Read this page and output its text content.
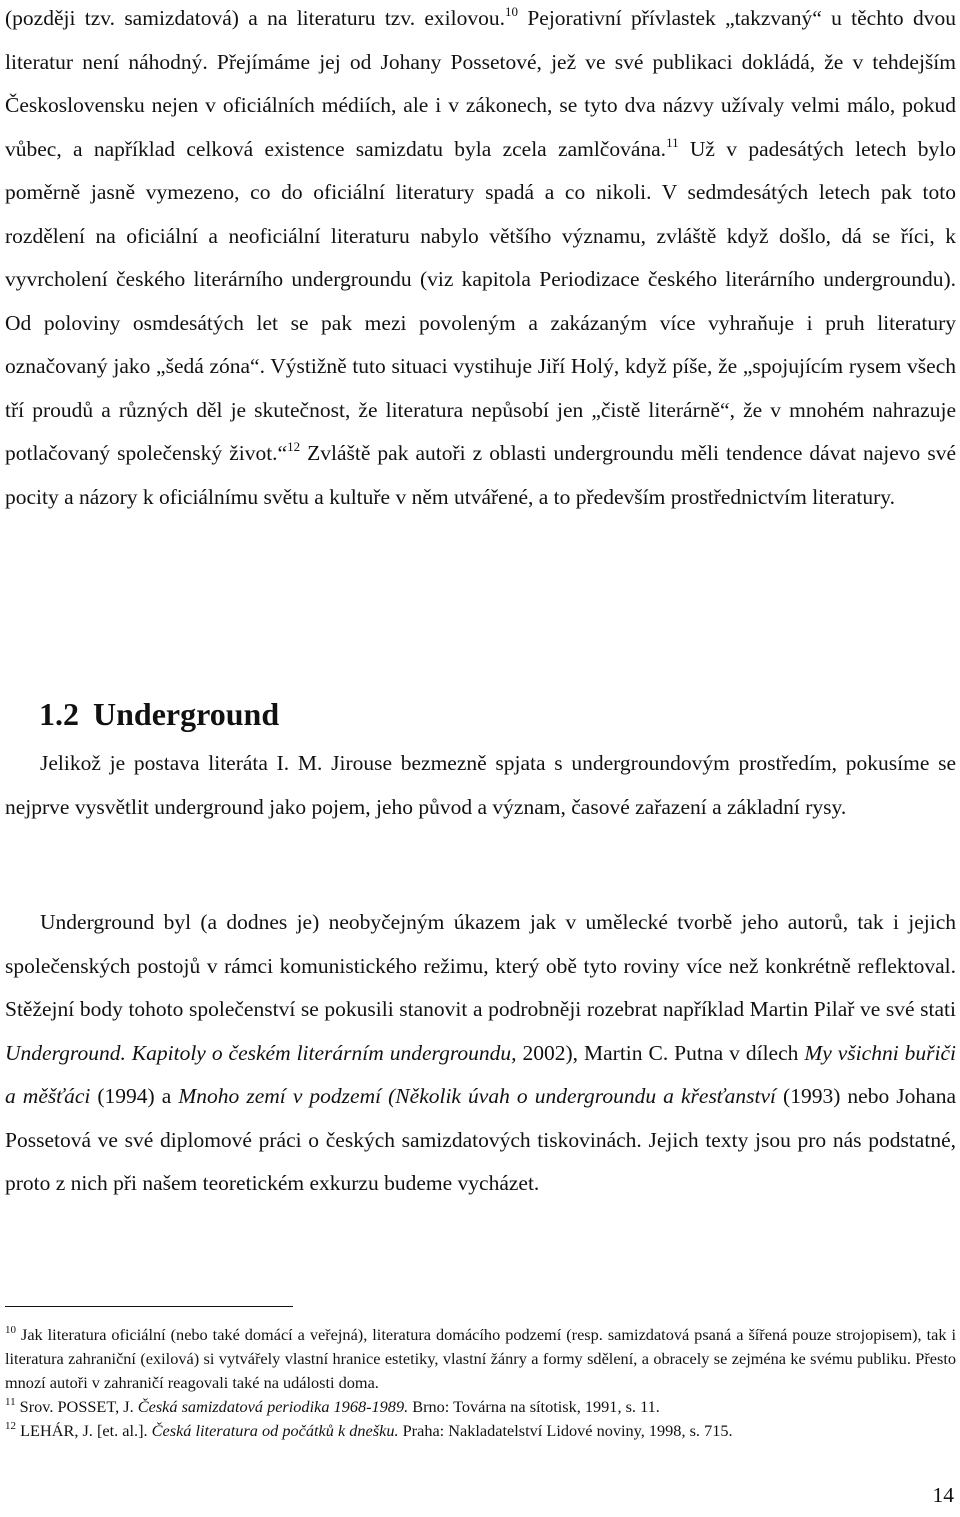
(později tzv. samizdatová) a na literaturu tzv. exilovou.$^{10}$ Pejorativní přívlastek „takzvaný“ u těchto dvou literatur není náhodný. Přejímáme jej od Johany Possetové, jež ve své publikaci dokládá, že v tehdejším Československu nejen v oficiálních médiích, ale i v zákonech, se tyto dva názvy užívaly velmi málo, pokud vůbec, a například celková existence samizdatu byla zcela zamlčována.$^{11}$ Už v padesátých letech bylo poměrně jasně vymezeno, co do oficiální literatury spadá a co nikoli. V sedmdesátých letech pak toto rozdělení na oficiální a neoficiální literaturu nabylo většího významu, zvláště když došlo, dá se říci, k vyvrcholení českého literárního undergroundu (viz kapitola Periodizace českého literárního undergroundu). Od poloviny osmdesátých let se pak mezi povoleným a zakázaným více vyhraňuje i pruh literatury označovaný jako „šedá zóna“. Výstižně tuto situaci vystihuje Jiří Holý, když píše, že „spojujícím rysem všech tří proudů a různých děl je skutečnost, že literatura nepůsobí jen „čistě literárně“, že v mnohém nahrazuje potlačovaný společenský život.“$^{12}$ Zvláště pak autoři z oblasti undergroundu měli tendence dávat najevo své pocity a názory k oficiálnímu světu a kultuře v něm utvářené, a to především prostřednictvím literatury.

1.2 Underground

Jelikož je postava literáta I. M. Jirouse bezmezně spjata s undergroundovým prostředím, pokusíme se nejprve vysvětlit underground jako pojem, jeho původ a význam, časové zařazení a základní rysy.

Underground byl (a dodnes je) neobyčejným úkazem jak v umělecké tvorbě jeho autorů, tak i jejich společenských postojů v rámci komunistického režimu, který obě tyto roviny více než konkrétně reflektoval. Stěžejní body tohoto společenství se pokusili stanovit a podrobněji rozebrat například Martin Pilař ve své stati Underground. Kapitoly o českém literárním undergroundu, 2002), Martin C. Putna v dílech My všichni buřiči a měšťáci (1994) a Mnoho zemí v podzemí (Několik úvah o undergroundu a křesťanství (1993) nebo Johana Possetová ve své diplomové práci o českých samizdatových tiskovinách. Jejich texty jsou pro nás podstatné, proto z nich při našem teoretickém exkurzu budeme vycházet.

$^{10}$ Jak literatura oficiální (nebo také domácí a veřejná), literatura domácího podzemí (resp. samizdatová psaná a šířená pouze strojopisem), tak i literatura zahraniční (exilová) si vytvářely vlastní hranice estetiky, vlastní žánry a formy sdělení, a obracely se zejména ke svému publiku. Přesto mnozí autoři v zahraničí reagovali také na události doma.

$^{11}$ Srov. POSSET, J. Česká samizdatová periodika 1968-1989. Brno: Továrna na sítotisk, 1991, s. 11.

$^{12}$ LEHÁR, J. [et. al.]. Česká literatura od počátků k dnešku. Praha: Nakladatelství Lidové noviny, 1998, s. 715.

14
